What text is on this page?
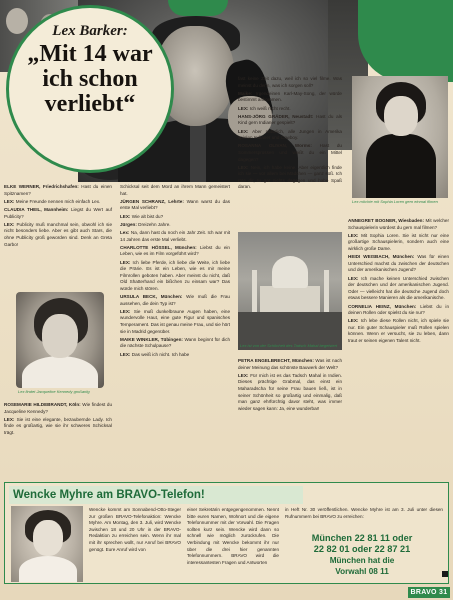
Lex Barker:
„Mit 14 war ich schon verliebt“

ELKE WERNER, Friedrichshafen: Hast du einen Spitznamen?

LEX: Meine Freunde nennen mich einfach Lex.

CLAUDIA THEIL, Mannheim: Liegst du Wert auf Publicity?

LEX: Publicity muß manchmal sein, obwohl ich sie nicht besonders liebe. Aber es gibt auch Stars, die ohne Publicity groß geworden sind. Denk an Greta Garbo!

Lex findet Jacqueline Kennedy großartig

ROSEMARIE HILDEBRANDT, Köln: Wie findest du Jacqueline Kennedy?

LEX: Sie ist eine elegante, bezaubernde Lady. Ich finde es großartig, wie sie ihr schweres Schicksal trägt.

Schicksal seit dem Mord an ihrem Mann gemeistert hat.

JÜRGEN SCHRANZ, Lehrte: Wann warst du das erste Mal verliebt?

LEX: Wie alt bist du?

Jürgen: Dreizehn Jahre.

Lex: Na, dann hast du noch ein Jahr Zeit. Ich war mit 14 Jahren das erste Mal verliebt.

CHARLOTTE HÖSSEL, München: Liebst du ein Leben, wie es im Film vorgeführt wird?

LEX: Ich liebe Pferde, ich liebe die Weite, ich liebe die Prärie. Es ist ein Leben, wie es mir meine Filmrollen geboten haben. Aber meinst du nicht, daß Old Shatterhand ein bißchen zu einsam war? Das würde mich stören.

URSULA BECK, München: Wie muß die Frau aussehen, die dein Typ ist?

LEX: Sie muß dunkelbraune Augen haben, eine wundervolle Haut, eine gute Figur und spanisches Temperament. Das ist genau meine Frau, und sie hört sie in Madrid gegenüber.

MAIKE WINKLER, Tübingen: Wann beginnt für dich die nächste Schulpause?

LEX: Das weiß ich nicht. Ich habe

fast keine Zeit dazu, weil ich so viel filme. Was meinst du denn, was ich sorgen soll?

Maike: Irgendeinen Karl-May-Song, der würde bestimmt ankommen.

LEX: Ich weiß nicht recht.

HANS-JÖRG GRÄDER, Neustadt: Hast du als Kind gern Indianer gespielt?

LEX: Aber natürlich, alle Jungen in Amerika spielen Indianer und Cowboy.

ROSANNA OLIVAN, Worms: Hast du Sommersprossen und weißt du ein Mittel dagegen?

LEX: Nein, ich habe keine. Aber eigentlich finde ich sie — vor allem bei Mädchen — ganz süß. Ich rate dir, tu gar nichts dagegen und habe Spaß daran.

Lex ist von der Schönheit des Tadsch Mahal begeistert

PETRA ENGELBRECHT, München: Was ist nach deiner Meinung das schönste Bauwerk der Welt?

LEX: Für mich ist es das Tadsch Mahal in Indien. Dieses prächtige Grabmal, das einst ein Maharadscha für seine Frau bauen ließ, ist in seiner Schönheit so großartig und einmalig, daß man ganz ehrfürchtig davor steht, was immer wieder sagen kann: Ja, eine wunderbar!

Lex möchte mit Sophia Loren gern einmal filmen

ANNEGRET BOGNER, Wiesbaden: Mit welcher Schauspielerin würdest du gern mal filmen?

LEX: Mit Sophia Loren. Sie ist nicht nur eine großartige Schauspielerin, sondern auch eine wirklich große Dame.

HEIDI WEISBACH, München: Was für einen Unterschied machst du zwischen der deutschen und der amerikanischen Jugend?

LEX: Ich mache keinen Unterschied zwischen der deutschen und der amerikanischen Jugend. Oder — vielleicht hat die deutsche Jugend doch etwas bessere Manieren als die amerikanische.

CORNELIA HEINZ, München: Liebst du in deinen Rollen oder spielst du sie nur?

LEX: Ich lebe diese Rollen nicht, ich spiele sie nur. Ein guter Schauspieler muß Rollen spielen können. Wenn er versucht, sie zu leben, dann traut er seinen eigenen Talent nicht.

Wencke Myhre am BRAVO-Telefon!
Wencke kommt am Sonnabend-Otto-Steger zur großen BRAVO-Telefonaktion: Wencke Myhre. Am Montag, den 3. Juli, wird Wencke zwischen 18 und 20 Uhr in der BRAVO-Redaktion zu erreichen sein. Wenn ihr mal mit ihr sprechen wollt, nur Anruf bei BRAVO genügt. Eure Anruf wird von
einer Sekretärin entgegengenommen. Nennt bitte euren Namen, Wohnort und die eigene Telefonnummer mit der Vorwahl. Die Fragen sollten kurz sein. Wencke wird dann so schnell wie möglich zurückrufen. Die Verbindung mit Wencke bekommt ihr nur über die drei hier genannten Telefonnummern. BRAVO wird die interessantesten Fragen und Antworten
in Heft Nr. 30 veröffentlichen. Wencke Myhre ist am 3. Juli unter diesen Rufnummern bei BRAVO zu erreichen:
München 22 81 11 oder
22 82 01 oder 22 87 21
München hat die
Vorwahl 08 11
BRAVO 31
